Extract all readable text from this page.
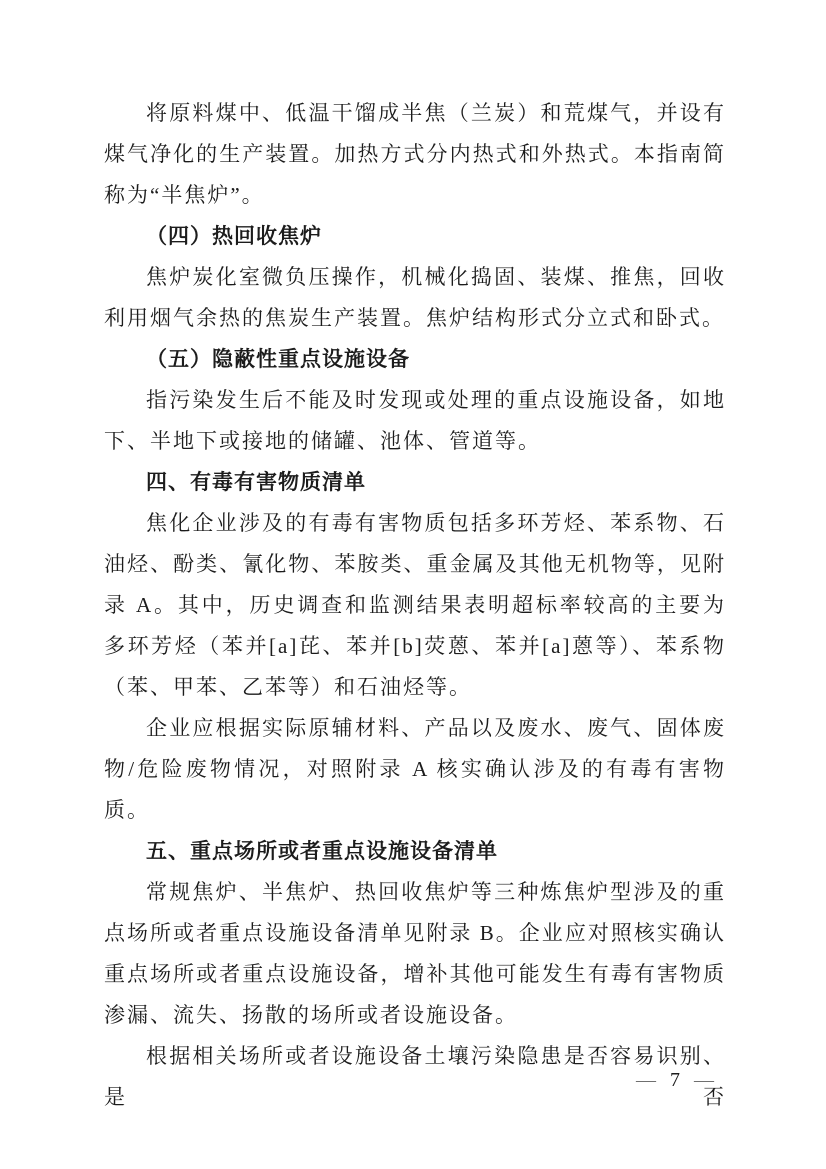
将原料煤中、低温干馏成半焦（兰炭）和荒煤气，并设有煤气净化的生产装置。加热方式分内热式和外热式。本指南简称为“半焦炉”。

（四）热回收焦炉

焦炉炭化室微负压操作，机械化捣固、装煤、推焦，回收利用烟气余热的焦炭生产装置。焦炉结构形式分立式和卧式。

（五）隐蔽性重点设施设备

指污染发生后不能及时发现或处理的重点设施设备，如地下、半地下或接地的储罐、池体、管道等。

四、有毒有害物质清单

焦化企业涉及的有毒有害物质包括多环芳烃、苯系物、石油烃、酚类、氰化物、苯胺类、重金属及其他无机物等，见附录 A。其中，历史调查和监测结果表明超标率较高的主要为多环芳烃（苯并[a]芘、苯并[b]荧蒽、苯并[a]蒽等）、苯系物（苯、甲苯、乙苯等）和石油烃等。

企业应根据实际原辅材料、产品以及废水、废气、固体废物/危险废物情况，对照附录 A 核实确认涉及的有毒有害物质。

五、重点场所或者重点设施设备清单

常规焦炉、半焦炉、热回收焦炉等三种炼焦炉型涉及的重点场所或者重点设施设备清单见附录 B。企业应对照核实确认重点场所或者重点设施设备，增补其他可能发生有毒有害物质渗漏、流失、扬散的场所或者设施设备。

根据相关场所或者设施设备土壤污染隐患是否容易识别、是否

— 7 —
